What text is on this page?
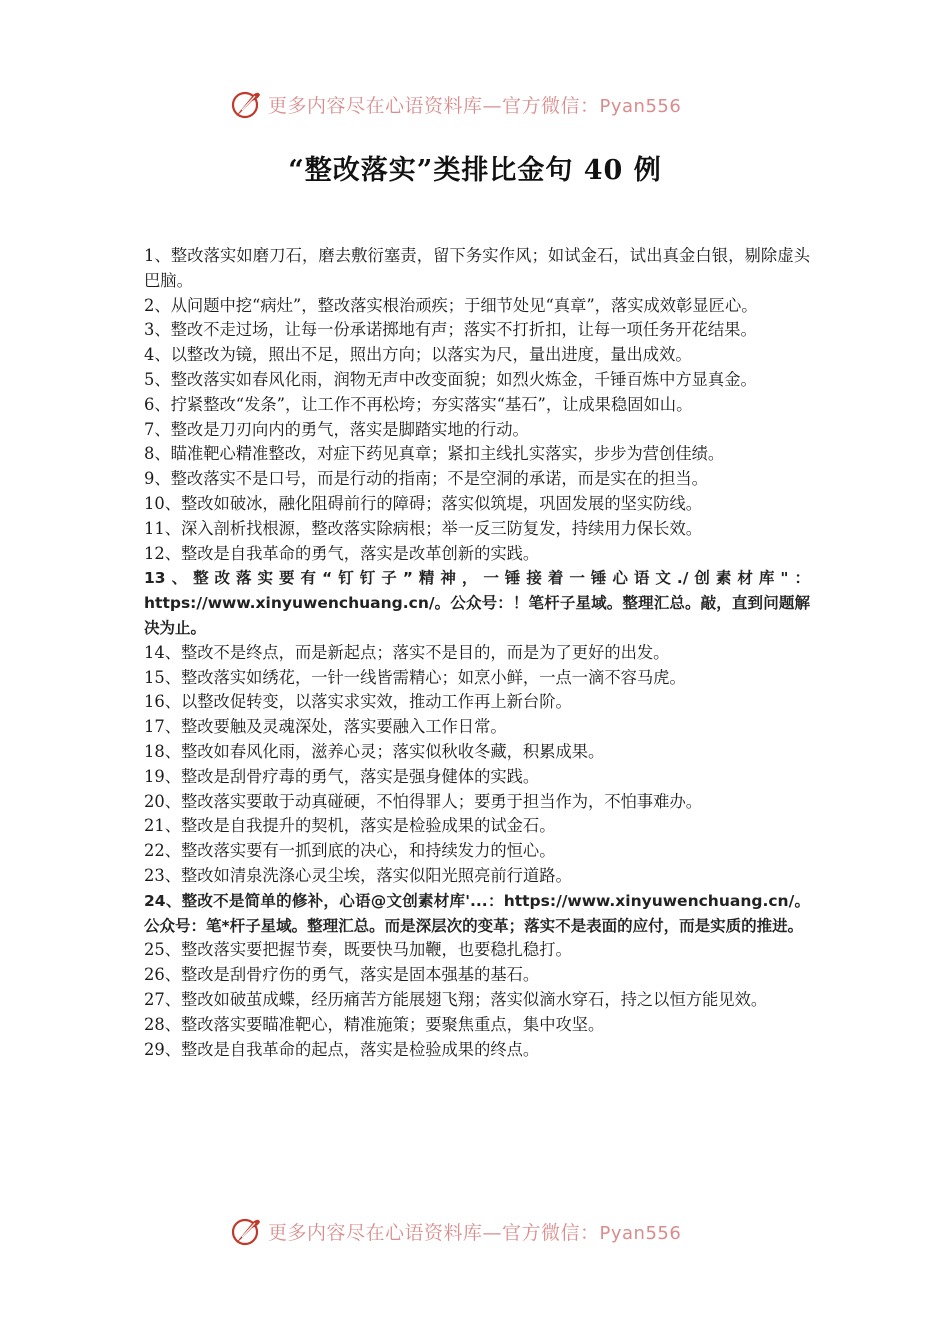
更多内容尽在心语资料库—官方微信：Pyan556
“整改落实”类排比金句 40 例

1、整改落实如磨刀石，磨去敷衍塞责，留下务实作风；如试金石，试出真金白银，剔除虚头巴脑。

2、从问题中挖“病灶”，整改落实根治顽疾；于细节处见“真章”，落实成效彰显匠心。

3、整改不走过场，让每一份承诺掷地有声；落实不打折扣，让每一项任务开花结果。

4、以整改为镜，照出不足，照出方向；以落实为尺，量出进度，量出成效。

5、整改落实如春风化雨，润物无声中改变面貌；如烈火炼金，千锤百炼中方显真金。

6、拧紧整改“发条”，让工作不再松垮；夯实落实“基石”，让成果稳固如山。

7、整改是刀刃向内的勇气，落实是脚踏实地的行动。

8、瞄准靶心精准整改，对症下药见真章；紧扣主线扎实落实，步步为营创佳绩。

9、整改落实不是口号，而是行动的指南；不是空洞的承诺，而是实在的担当。

10、整改如破冰，融化阻碍前行的障碍；落实似筑堤，巩固发展的坚实防线。

11、深入剖析找根源，整改落实除病根；举一反三防复发，持续用力保长效。

12、整改是自我革命的勇气，落实是改革创新的实践。

13、整改落实要有“钉钉子”精神，一锤接着一锤心语文./创素材库"：https://www.xinyuwenchuang.cn/。公众号：！笔杆子星域。整理汇总。敲，直到问题解决为止。

14、整改不是终点，而是新起点；落实不是目的，而是为了更好的出发。

15、整改落实如绣花，一针一线皆需精心；如烹小鲜，一点一滴不容马虎。

16、以整改促转变，以落实求实效，推动工作再上新台阶。

17、整改要触及灵魂深处，落实要融入工作日常。

18、整改如春风化雨，滋养心灵；落实似秋收冬藏，积累成果。

19、整改是刮骨疗毒的勇气，落实是强身健体的实践。

20、整改落实要敢于动真碰硬，不怕得罪人；要勇于担当作为，不怕事难办。

21、整改是自我提升的契机，落实是检验成果的试金石。

22、整改落实要有一抓到底的决心，和持续发力的恒心。

23、整改如清泉洗涤心灵尘埃，落实似阳光照亮前行道路。

24、整改不是简单的修补，心语@文创素材库'...：https://www.xinyuwenchuang.cn/。公众号：笔*杆子星域。整理汇总。而是深层次的变革；落实不是表面的应付，而是实质的推进。

25、整改落实要把握节奏，既要快马加鞭，也要稳扎稳打。

26、整改是刮骨疗伤的勇气，落实是固本强基的基石。

27、整改如破茧成蝶，经历痛苦方能展翅飞翔；落实似滴水穿石，持之以恒方能见效。

28、整改落实要瞄准靶心，精准施策；要聚焦重点，集中攻坚。

29、整改是自我革命的起点，落实是检验成果的终点。

更多内容尽在心语资料库—官方微信：Pyan556
